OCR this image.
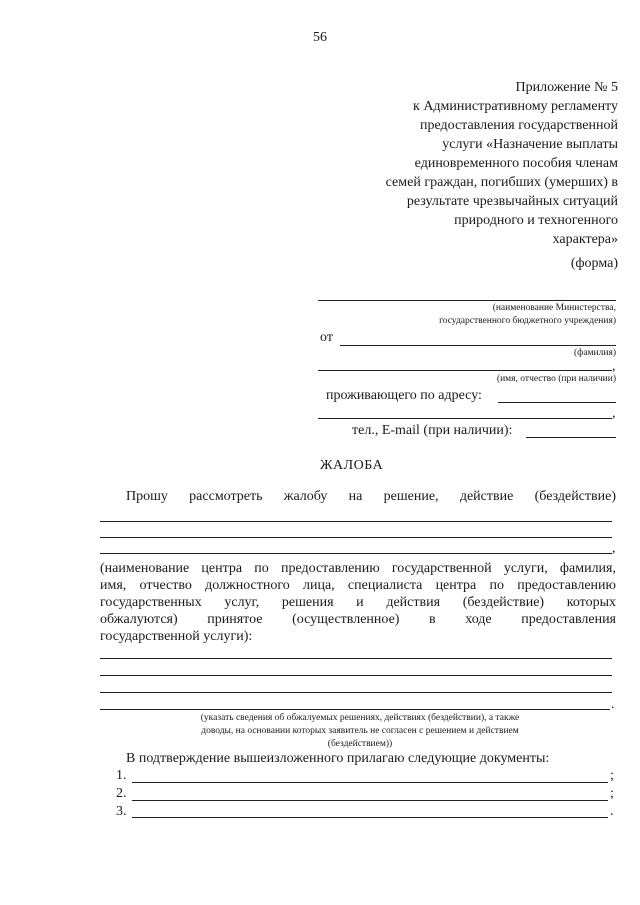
56
Приложение № 5
к Административному регламенту
предоставления государственной
услуги «Назначение выплаты
единовременного пособия членам
семей граждан, погибших (умерших) в
результате чрезвычайных ситуаций
природного и техногенного
характера»
(форма)
(наименование Министерства,
государственного бюджетного учреждения)
от
(фамилия)
,
(имя, отчество (при наличии)
проживающего по адресу:
,
тел., E-mail (при наличии):
ЖАЛОБА
Прошу рассмотреть жалобу на решение, действие (бездействие)
,
(наименование центра по предоставлению государственной услуги, фамилия,
имя, отчество должностного лица, специалиста центра по предоставлению
государственных услуг, решения и действия (бездействие) которых
обжалуются) принятое (осуществленное) в ходе предоставления
государственной услуги):
.
(указать сведения об обжалуемых решениях, действиях (бездействии), а также
доводы, на основании которых заявитель не согласен с решением и действием
(бездействием))
В подтверждение вышеизложенного прилагаю следующие документы:
1.	;
2.	;
3.	.
